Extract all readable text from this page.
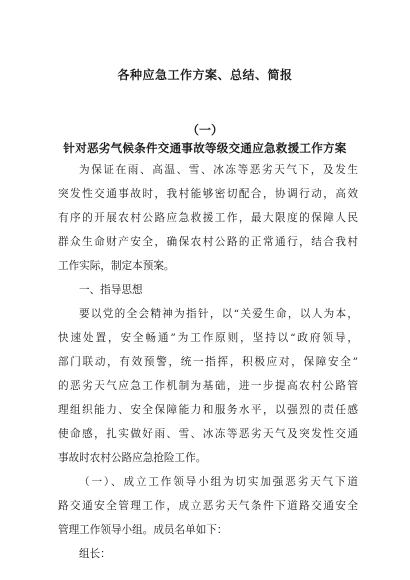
各种应急工作方案、总结、简报
（一）
针对恶劣气候条件交通事故等级交通应急救援工作方案
为保证在雨、高温、雪、冰冻等恶劣天气下，及发生
突发性交通事故时，我村能够密切配合，协调行动，高效
有序的开展农村公路应急救援工作，最大限度的保障人民
群众生命财产安全，确保农村公路的正常通行，结合我村
工作实际，制定本预案。
一、指导思想
要以党的全会精神为指针，以“关爱生命，以人为本，
快速处置，安全畅通”为工作原则，坚持以“政府领导，
部门联动，有效预警，统一指挥，积极应对，保障安全”
的恶劣天气应急工作机制为基础，进一步提高农村公路管
理组织能力、安全保障能力和服务水平，以强烈的责任感
使命感，扎实做好雨、雪、冰冻等恶劣天气及突发性交通
事故时农村公路应急抢险工作。
（一）、成立工作领导小组为切实加强恶劣天气下道
路交通安全管理工作，成立恶劣天气条件下道路交通安全
管理工作领导小组。成员名单如下：
组长：
